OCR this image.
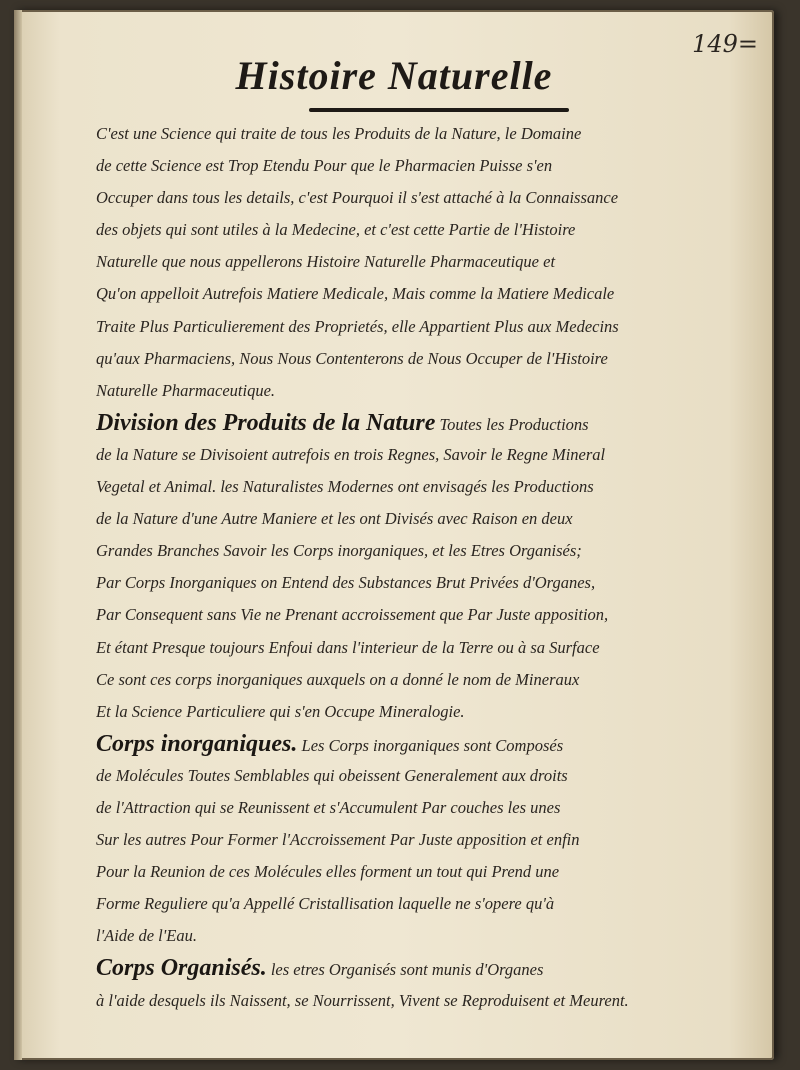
149=
Histoire Naturelle
C'est une Science qui traite de tous les Produits de la Nature, le Domaine
de cette Science est Trop Etendu Pour que le Pharmacien Puisse s'en
Occuper dans tous les details, c'est Pourquoi il s'est attaché à la Connaissance
des objets qui sont utiles à la Medecine, et c'est cette Partie de l'Histoire
Naturelle que nous appellerons Histoire Naturelle Pharmaceutique et
Qu'on appelloit Autrefois Matiere Medicale, Mais comme la Matiere Medicale
Traite Plus Particulierement des Proprietés, elle Appartient Plus aux Medecins
qu'aux Pharmaciens, Nous Nous Contenterons de Nous Occuper de l'Histoire
Naturelle Pharmaceutique.
Division des Produits de la Nature Toutes les Productions
de la Nature se Divisoient autrefois en trois Regnes, Savoir le Regne Mineral
Vegetal et Animal. les Naturalistes Modernes ont envisagés les Productions
de la Nature d'une Autre Maniere et les ont Divisés avec Raison en deux
Grandes Branches Savoir les Corps inorganiques, et les Etres Organisés;
Par Corps Inorganiques on Entend des Substances Brut Privées d'Organes,
Par Consequent sans Vie ne Prenant accroissement que Par Juste apposition,
Et étant Presque toujours Enfoui dans l'interieur de la Terre ou à sa Surface
Ce sont ces corps inorganiques auxquels on a donné le nom de Mineraux
Et la Science Particuliere qui s'en Occupe Mineralogie.
Corps inorganiques. Les Corps inorganiques sont Composés
de Molécules Toutes Semblables qui obeissent Generalement aux droits
de l'Attraction qui se Reunissent et s'Accumulent Par couches les unes
Sur les autres Pour Former l'Accroissement Par Juste apposition et enfin
Pour la Reunion de ces Molécules elles forment un tout qui Prend une
Forme Reguliere qu'a Appellé Cristallisation laquelle ne s'opere qu'à
l'Aide de l'Eau.
Corps Organisés. les etres Organisés sont munis d'Organes
à l'aide desquels ils Naissent, se Nourrissent, Vivent se Reproduisent et Meurent.
